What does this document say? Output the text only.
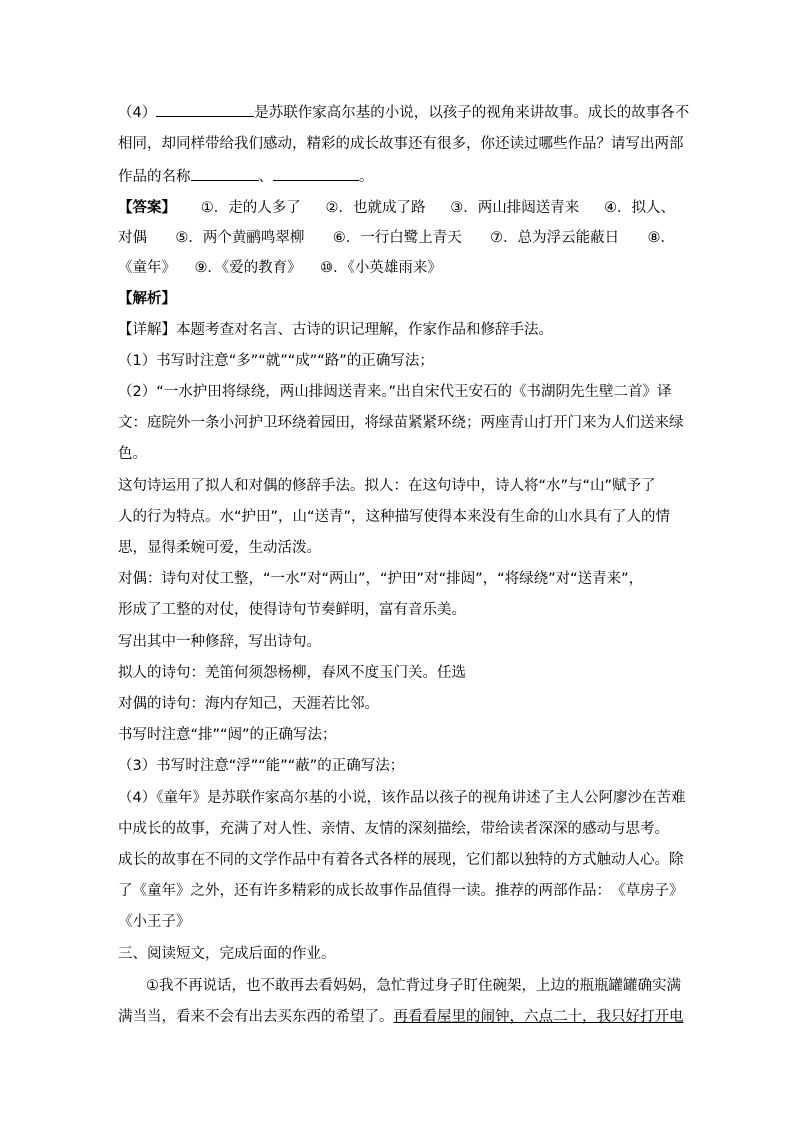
（4）	是苏联作家高尔基的小说，以孩子的视角来讲故事。成长的故事各不
相同，却同样带给我们感动，精彩的成长故事还有很多，你还读过哪些作品？请写出两部
作品的名称	、	。
【答案】 ①．走的人多了 ②．也就成了路 ③．两山排闼送青来 ④．拟人、
对偶 ⑤．两个黄鹂鸣翠柳 ⑥．一行白鹭上青天 ⑦．总为浮云能蔽日 ⑧．
《童年》 ⑨．《爱的教育》 ⑩．《小英雄雨来》
【解析】
【详解】本题考查对名言、古诗的识记理解，作家作品和修辞手法。
（1）书写时注意“多”“就”“成”“路”的正确写法；
（2）“一水护田将绿绕，两山排闼送青来。”出自宋代王安石的《书湖阴先生壁二首》译
文：庭院外一条小河护卫环绕着园田，将绿苗紧紧环绕；两座青山打开门来为人们送来绿
色。
这句诗运用了拟人和对偶的修辞手法。拟人：在这句诗中，诗人将“水”与“山”赋予了
人的行为特点。水“护田”，山“送青”，这种描写使得本来没有生命的山水具有了人的情
思，显得柔婉可爱，生动活泼。
对偶：诗句对仗工整，“一水”对“两山”，“护田”对“排闼”，“将绿绕”对“送青来”，
形成了工整的对仗，使得诗句节奏鲜明，富有音乐美。
写出其中一种修辞，写出诗句。
拟人的诗句：羌笛何须怨杨柳，春风不度玉门关。任选
对偶的诗句：海内存知己，天涯若比邻。
书写时注意“排”“闼”的正确写法；
（3）书写时注意“浮”“能”“蔽”的正确写法；
（4）《童年》是苏联作家高尔基的小说，该作品以孩子的视角讲述了主人公阿廖沙在苦难
中成长的故事，充满了对人性、亲情、友情的深刻描绘，带给读者深深的感动与思考。
成长的故事在不同的文学作品中有着各式各样的展现，它们都以独特的方式触动人心。除
了《童年》之外，还有许多精彩的成长故事作品值得一读。推荐的两部作品：　《草房子》
《小王子》
三、阅读短文，完成后面的作业。
①我不再说话，也不敢再去看妈妈，急忙背过身子盯住碗架，上边的瓶瓶罐罐确实满
满当当，看来不会有出去买东西的希望了。再看看屋里的闹钟，六点二十，我只好打开电
